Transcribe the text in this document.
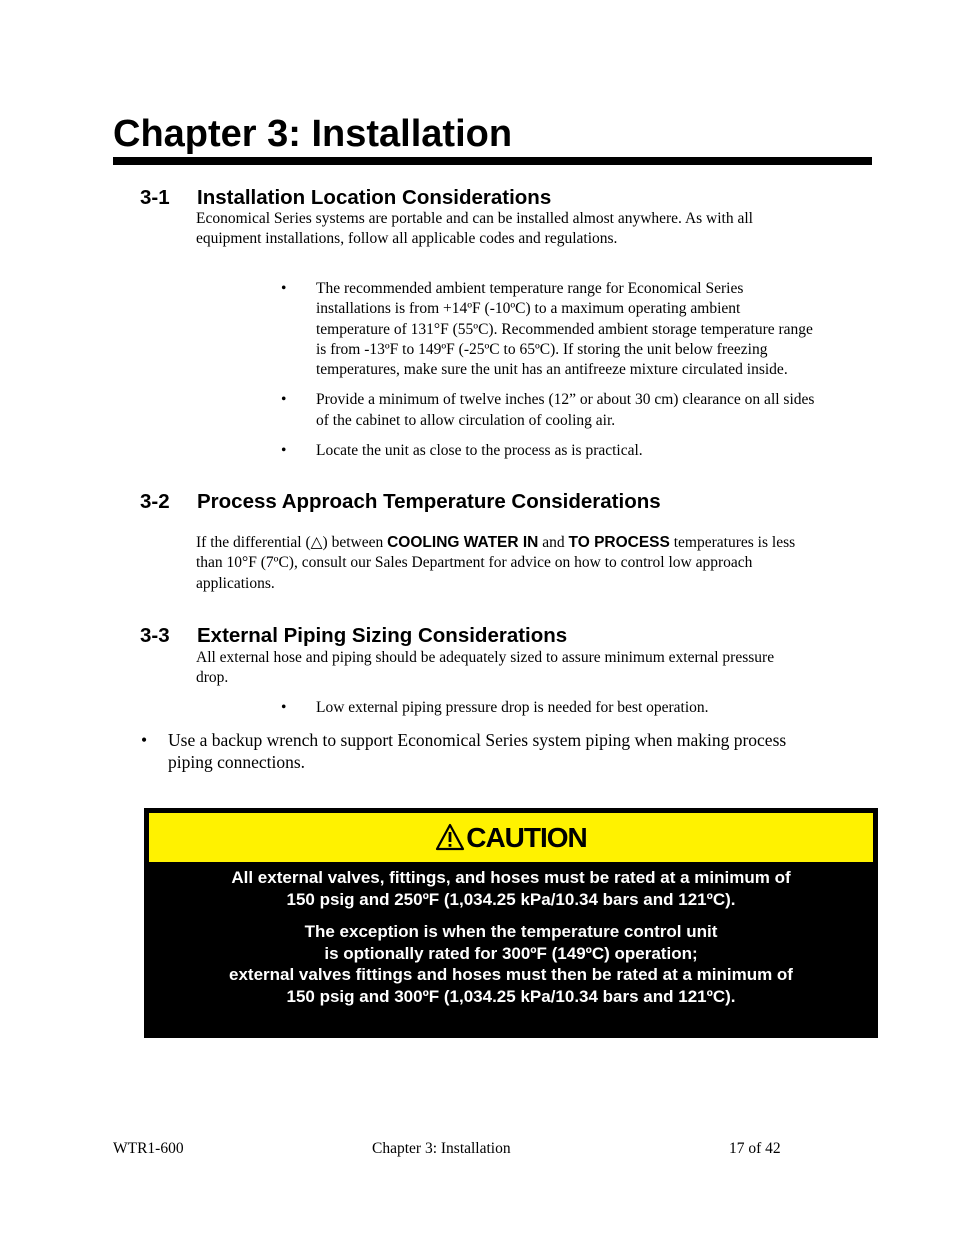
Chapter 3: Installation
3-1 Installation Location Considerations

Economical Series systems are portable and can be installed almost anywhere. As with all
equipment installations, follow all applicable codes and regulations.

• The recommended ambient temperature range for Economical Series
installations is from +14ºF (-10ºC) to a maximum operating ambient
temperature of 131°F (55ºC). Recommended ambient storage temperature range
is from -13ºF to 149ºF (-25ºC to 65ºC). If storing the unit below freezing
temperatures, make sure the unit has an antifreeze mixture circulated inside.
• Provide a minimum of twelve inches (12” or about 30 cm) clearance on all sides
of the cabinet to allow circulation of cooling air.
• Locate the unit as close to the process as is practical.
3-2 Process Approach Temperature Considerations

If the differential (△) between COOLING WATER IN and TO PROCESS temperatures is less
than 10°F (7ºC), consult our Sales Department for advice on how to control low approach
applications.

3-3 External Piping Sizing Considerations

All external hose and piping should be adequately sized to assure minimum external pressure
drop.

• Low external piping pressure drop is needed for best operation.
•	Use a backup wrench to support Economical Series system piping when making process
piping connections.
CAUTION

All external valves, fittings, and hoses must be rated at a minimum of
150 psig and 250ºF (1,034.25 kPa/10.34 bars and 121ºC).

The exception is when the temperature control unit
is optionally rated for 300ºF (149ºC) operation;
external valves fittings and hoses must then be rated at a minimum of
150 psig and 300ºF (1,034.25 kPa/10.34 bars and 121ºC).

WTR1-600	Chapter 3: Installation	17 of 42
